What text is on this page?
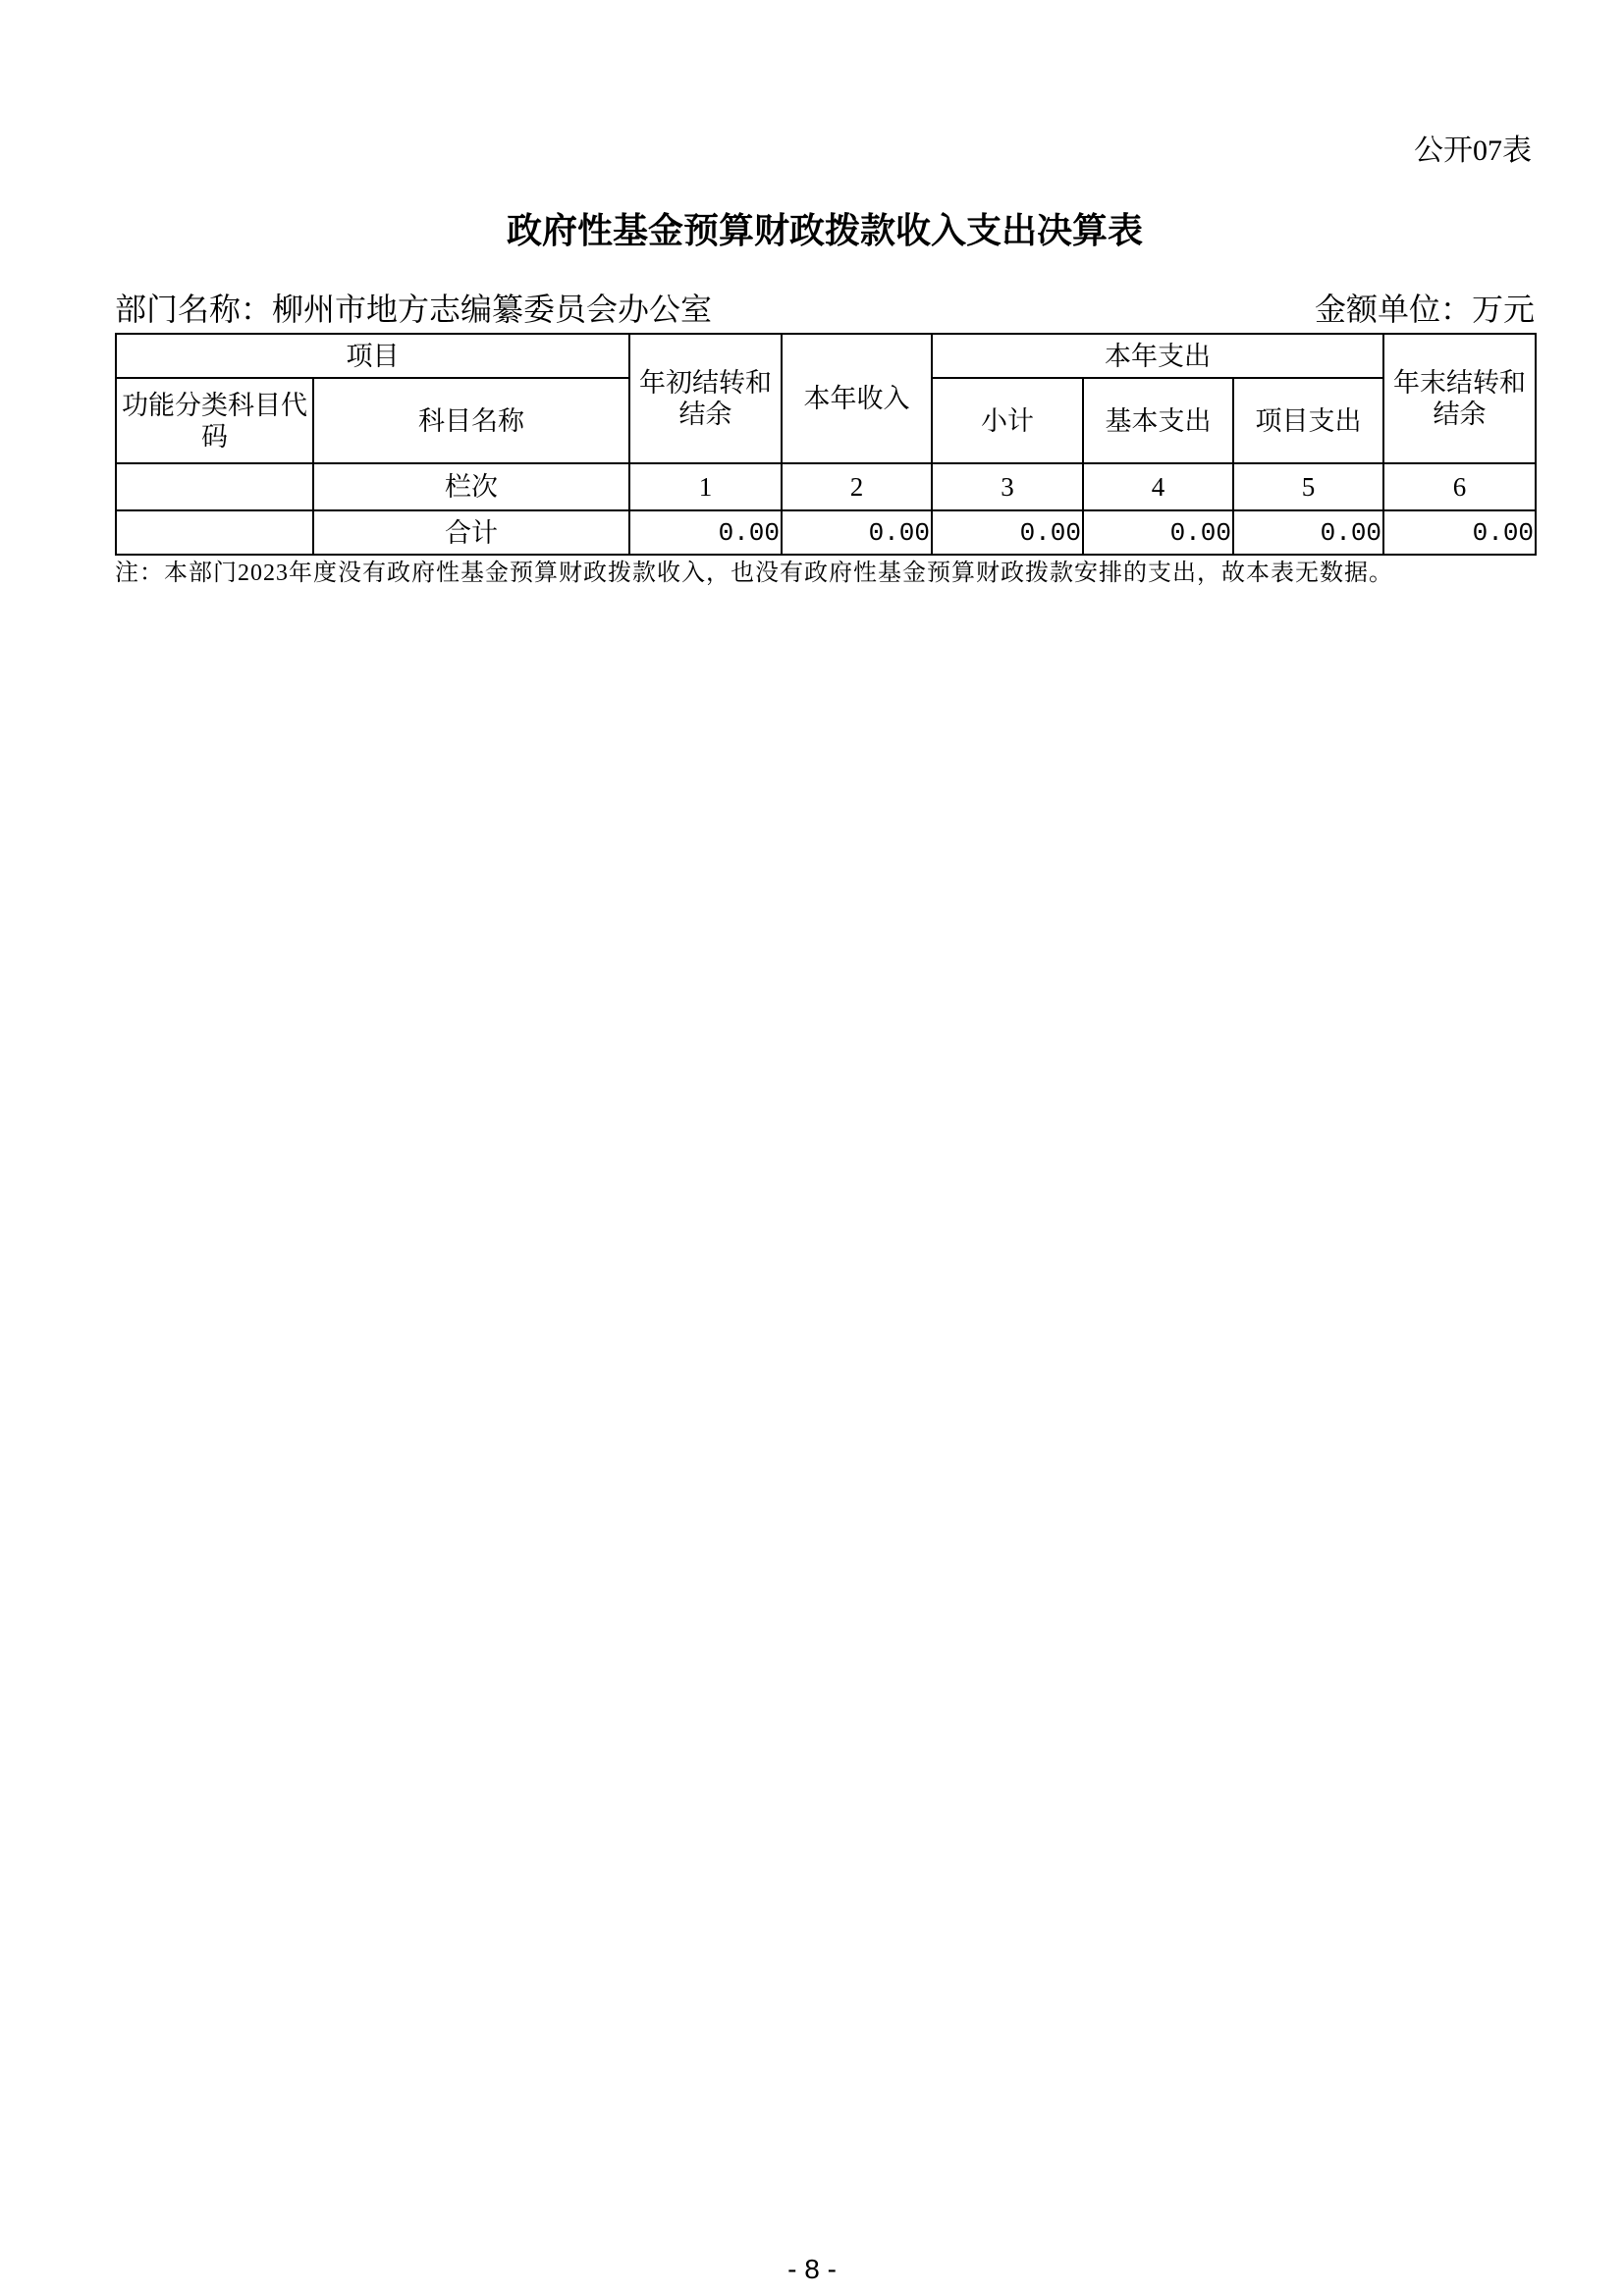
公开07表
政府性基金预算财政拨款收入支出决算表
部门名称：柳州市地方志编纂委员会办公室	金额单位：万元
项目		年初结转和结余	本年收入	本年支出			年末结转和结余
功能分类科目代码	科目名称			小计	基本支出	项目支出	
	栏次	1	2	3	4	5	6
	合计	0.00	0.00	0.00	0.00	0.00	0.00
注：本部门2023年度没有政府性基金预算财政拨款收入，也没有政府性基金预算财政拨款安排的支出，故本表无数据。
- 8 -
